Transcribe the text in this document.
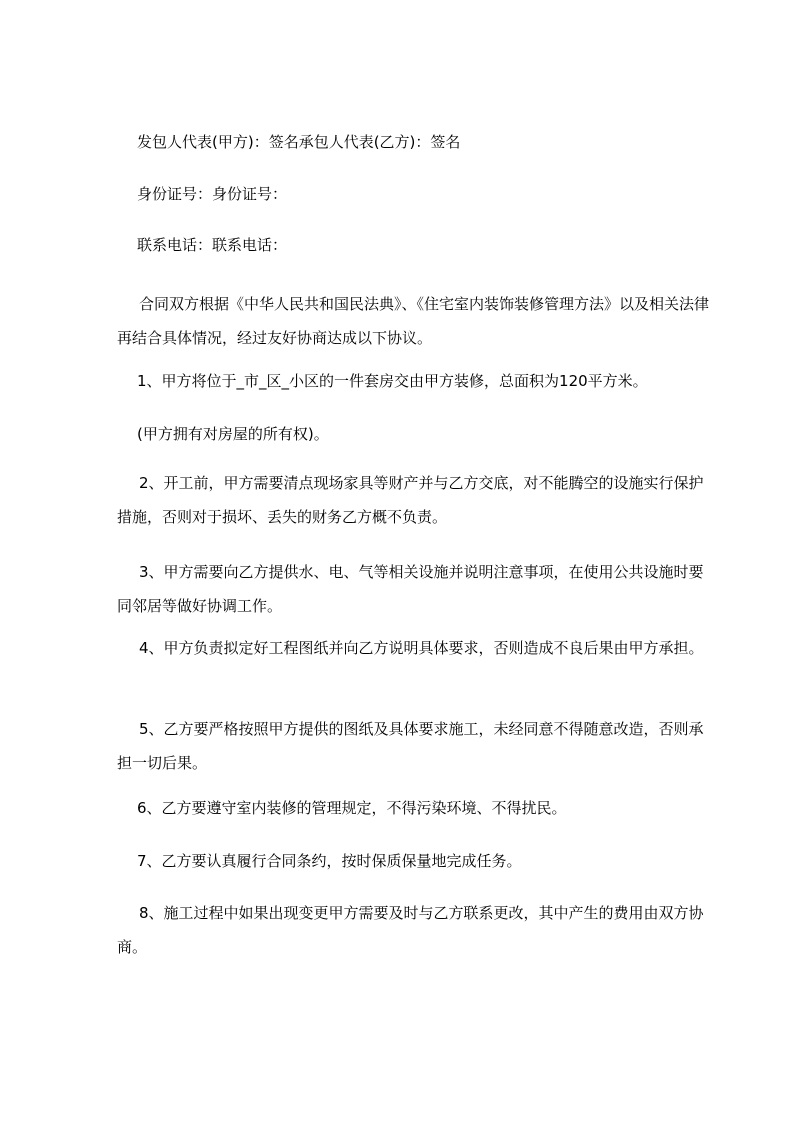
发包人代表(甲方)：签名承包人代表(乙方)：签名
身份证号：身份证号：
联系电话：联系电话：
合同双方根据《中华人民共和国民法典》、《住宅室内装饰装修管理方法》以及相关法律再结合具体情况，经过友好协商达成以下协议。
1、甲方将位于_市_区_小区的一件套房交由甲方装修，总面积为120平方米。
(甲方拥有对房屋的所有权)。
2、开工前，甲方需要清点现场家具等财产并与乙方交底，对不能腾空的设施实行保护措施，否则对于损坏、丢失的财务乙方概不负责。
3、甲方需要向乙方提供水、电、气等相关设施并说明注意事项，在使用公共设施时要同邻居等做好协调工作。
4、甲方负责拟定好工程图纸并向乙方说明具体要求，否则造成不良后果由甲方承担。
5、乙方要严格按照甲方提供的图纸及具体要求施工，未经同意不得随意改造，否则承担一切后果。
6、乙方要遵守室内装修的管理规定，不得污染环境、不得扰民。
7、乙方要认真履行合同条约，按时保质保量地完成任务。
8、施工过程中如果出现变更甲方需要及时与乙方联系更改，其中产生的费用由双方协商。
